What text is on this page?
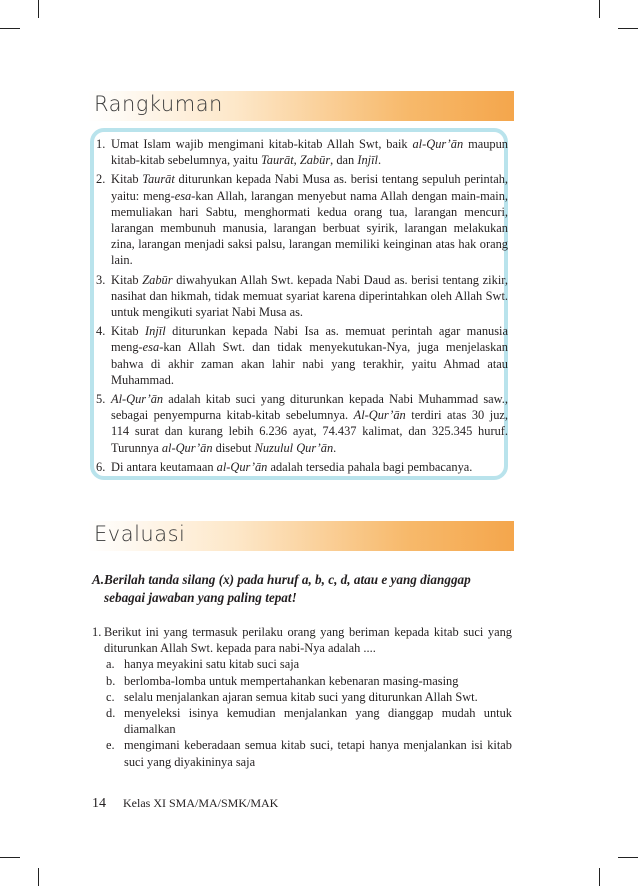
Rangkuman
1. Umat Islam wajib mengimani kitab-kitab Allah Swt, baik al-Qur’ān maupun kitab-kitab sebelumnya, yaitu Taurāt, Zabūr, dan Injīl.
2. Kitab Taurāt diturunkan kepada Nabi Musa as. berisi tentang sepuluh perintah, yaitu: meng-esa-kan Allah, larangan menyebut nama Allah dengan main-main, memuliakan hari Sabtu, menghormati kedua orang tua, larangan mencuri, larangan membunuh manusia, larangan berbuat syirik, larangan melakukan zina, larangan menjadi saksi palsu, larangan memiliki keinginan atas hak orang lain.
3. Kitab Zabūr diwahyukan Allah Swt. kepada Nabi Daud as. berisi tentang zikir, nasihat dan hikmah, tidak memuat syariat karena diperintahkan oleh Allah Swt. untuk mengikuti syariat Nabi Musa as.
4. Kitab Injīl diturunkan kepada Nabi Isa as. memuat perintah agar manusia meng-esa-kan Allah Swt. dan tidak menyekutukan-Nya, juga menjelaskan bahwa di akhir zaman akan lahir nabi yang terakhir, yaitu Ahmad atau Muhammad.
5. Al-Qur’ān adalah kitab suci yang diturunkan kepada Nabi Muhammad saw., sebagai penyempurna kitab-kitab sebelumnya. Al-Qur’ān terdiri atas 30 juz, 114 surat dan kurang lebih 6.236 ayat, 74.437 kalimat, dan 325.345 huruf. Turunnya al-Qur’ān disebut Nuzulul Qur’ān.
6. Di antara keutamaan al-Qur’ān adalah tersedia pahala bagi pembacanya.
Evaluasi
A. Berilah tanda silang (x) pada huruf a, b, c, d, atau e yang dianggap sebagai jawaban yang paling tepat!
1. Berikut ini yang termasuk perilaku orang yang beriman kepada kitab suci yang diturunkan Allah Swt. kepada para nabi-Nya adalah ....
a. hanya meyakini satu kitab suci saja
b. berlomba-lomba untuk mempertahankan kebenaran masing-masing
c. selalu menjalankan ajaran semua kitab suci yang diturunkan Allah Swt.
d. menyeleksi isinya kemudian menjalankan yang dianggap mudah untuk diamalkan
e. mengimani keberadaan semua kitab suci, tetapi hanya menjalankan isi kitab suci yang diyakininya saja
14 Kelas XI SMA/MA/SMK/MAK
